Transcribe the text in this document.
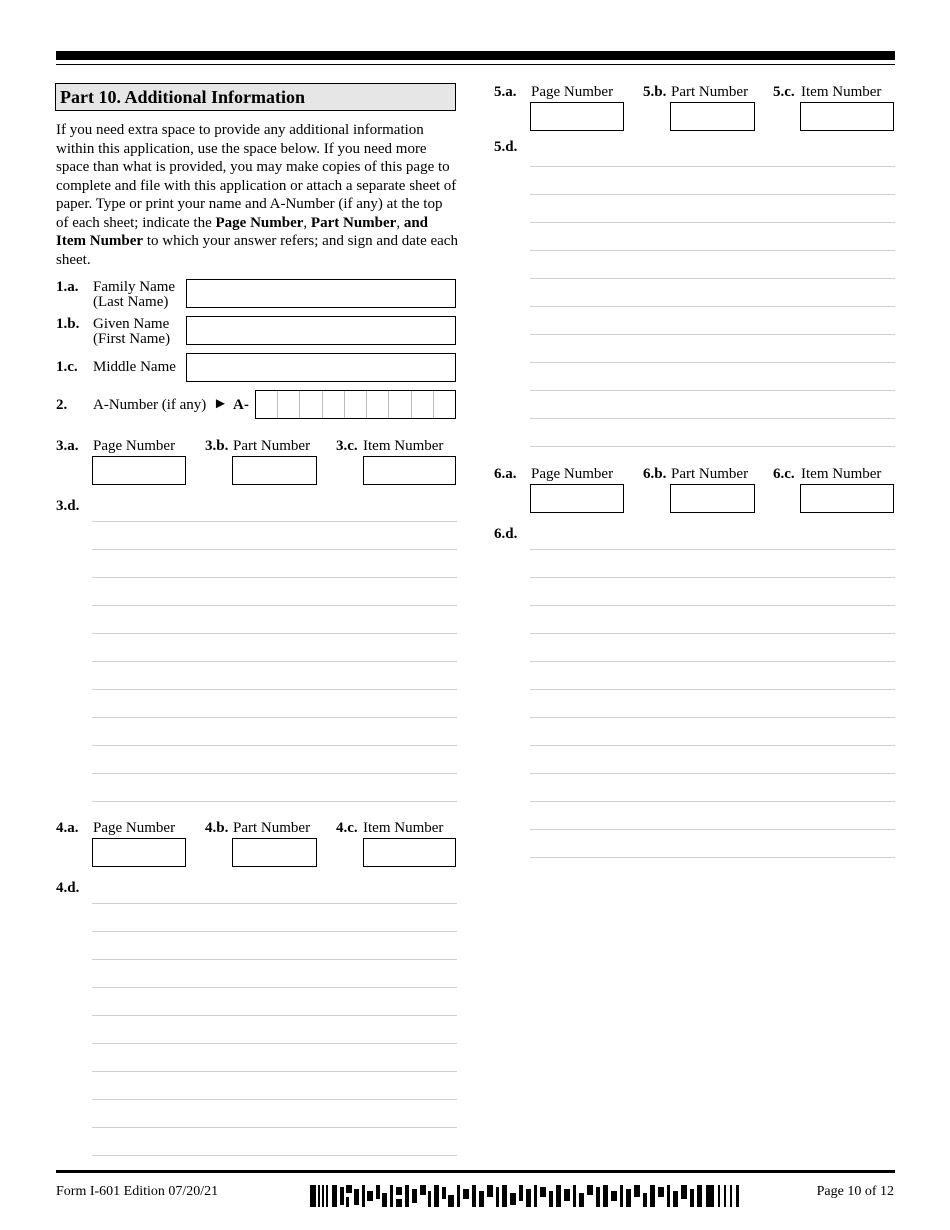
Part 10. Additional Information
If you need extra space to provide any additional information within this application, use the space below. If you need more space than what is provided, you may make copies of this page to complete and file with this application or attach a separate sheet of paper. Type or print your name and A-Number (if any) at the top of each sheet; indicate the Page Number, Part Number, and Item Number to which your answer refers; and sign and date each sheet.
1.a. Family Name
(Last Name)
1.b. Given Name
(First Name)
1.c. Middle Name
2. A-Number (if any) ► A-
3.a. Page Number 3.b. Part Number 3.c. Item Number
3.d.
4.a. Page Number 4.b. Part Number 4.c. Item Number
4.d.
5.a. Page Number 5.b. Part Number 5.c. Item Number
5.d.
6.a. Page Number 6.b. Part Number 6.c. Item Number
6.d.
Form I-601 Edition 07/20/21	Page 10 of 12
